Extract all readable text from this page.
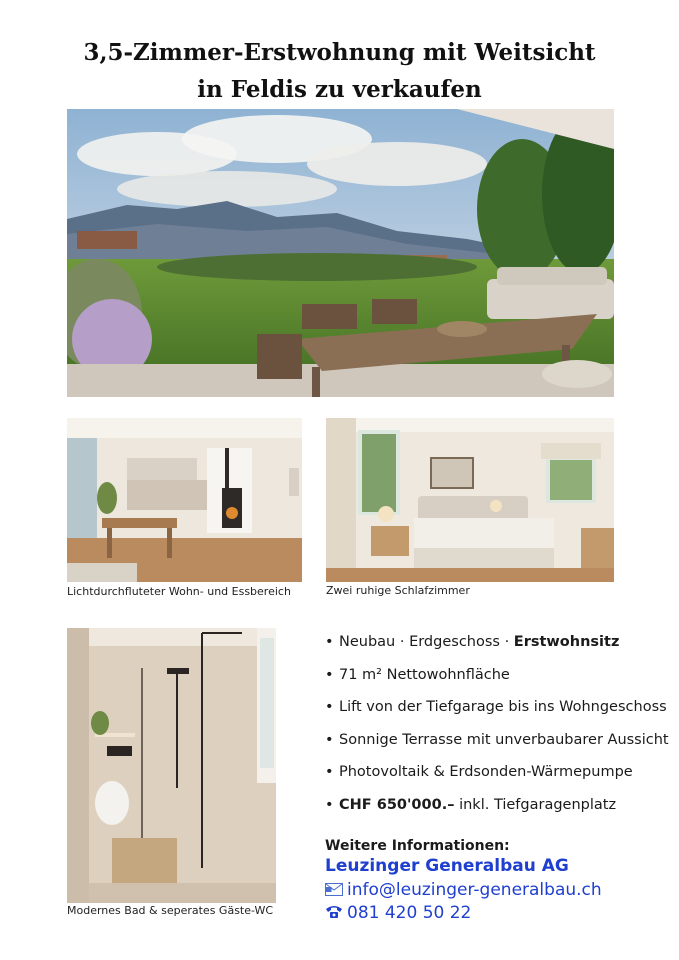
3,5-Zimmer-Erstwohnung mit Weitsicht
in Feldis zu verkaufen
Lichtdurchfluteter Wohn- und Essbereich	Zwei ruhige Schlafzimmer
Modernes Bad & seperates Gäste-WC
• Neubau · Erdgeschoss · Erstwohnsitz
• 71 m² Nettowohnfläche
• Lift von der Tiefgarage bis ins Wohngeschoss
• Sonnige Terrasse mit unverbaubarer Aussicht
• Photovoltaik & Erdsonden-Wärmepumpe
• CHF 650'000.– inkl. Tiefgaragenplatz
Weitere Informationen:
Leuzinger Generalbau AG
info@leuzinger-generalbau.ch
081 420 50 22
